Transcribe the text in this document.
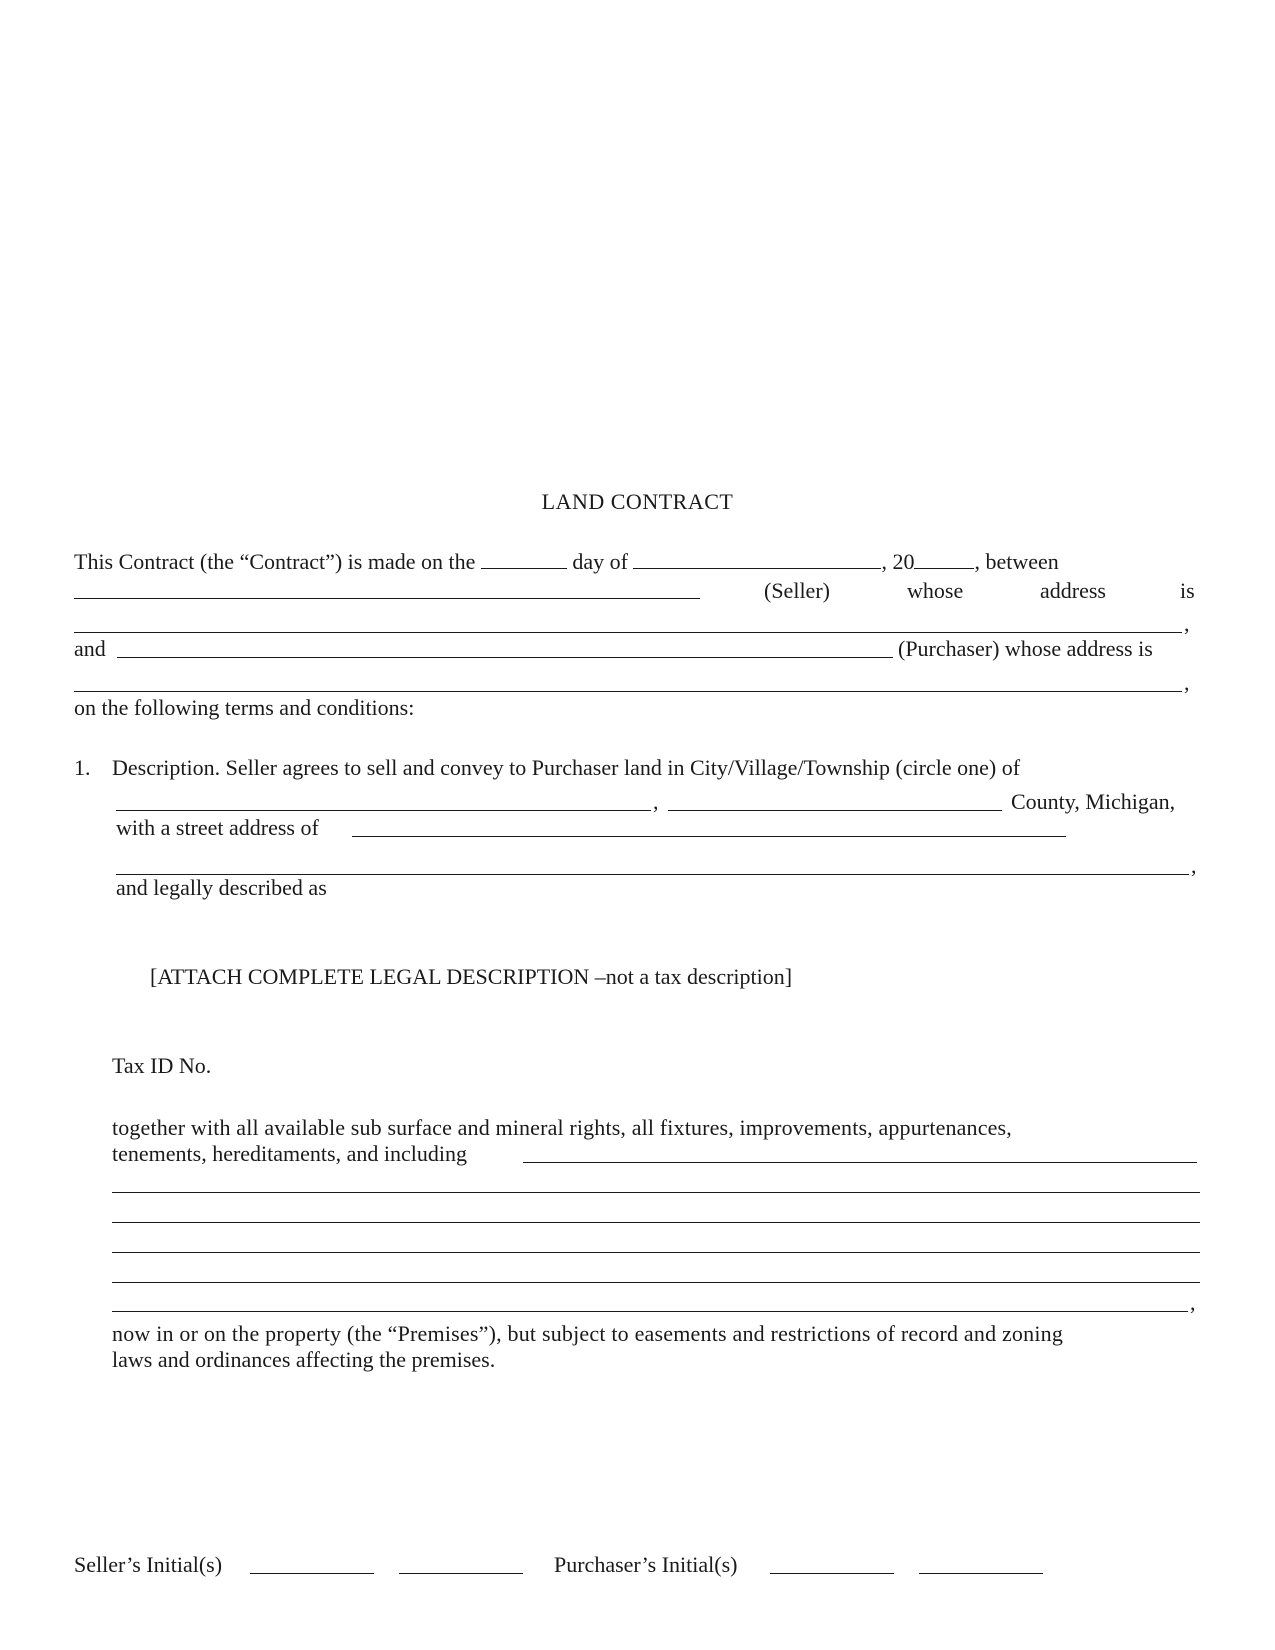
LAND CONTRACT
This Contract (the “Contract”) is made on the	day of	, 20	, between
(Seller)	whose	address	is
,
and	(Purchaser) whose address is
,
on the following terms and conditions:
1. Description. Seller agrees to sell and convey to Purchaser land in City/Village/Township (circle one) of
,	County, Michigan,
with a street address of
,
and legally described as
[ATTACH COMPLETE LEGAL DESCRIPTION –not a tax description]
Tax ID No.
together with all available sub surface and mineral rights, all fixtures, improvements, appurtenances,
tenements, hereditaments, and including
,
now in or on the property (the “Premises”), but subject to easements and restrictions of record and zoning
laws and ordinances affecting the premises.
Seller’s Initial(s)	Purchaser’s Initial(s)
